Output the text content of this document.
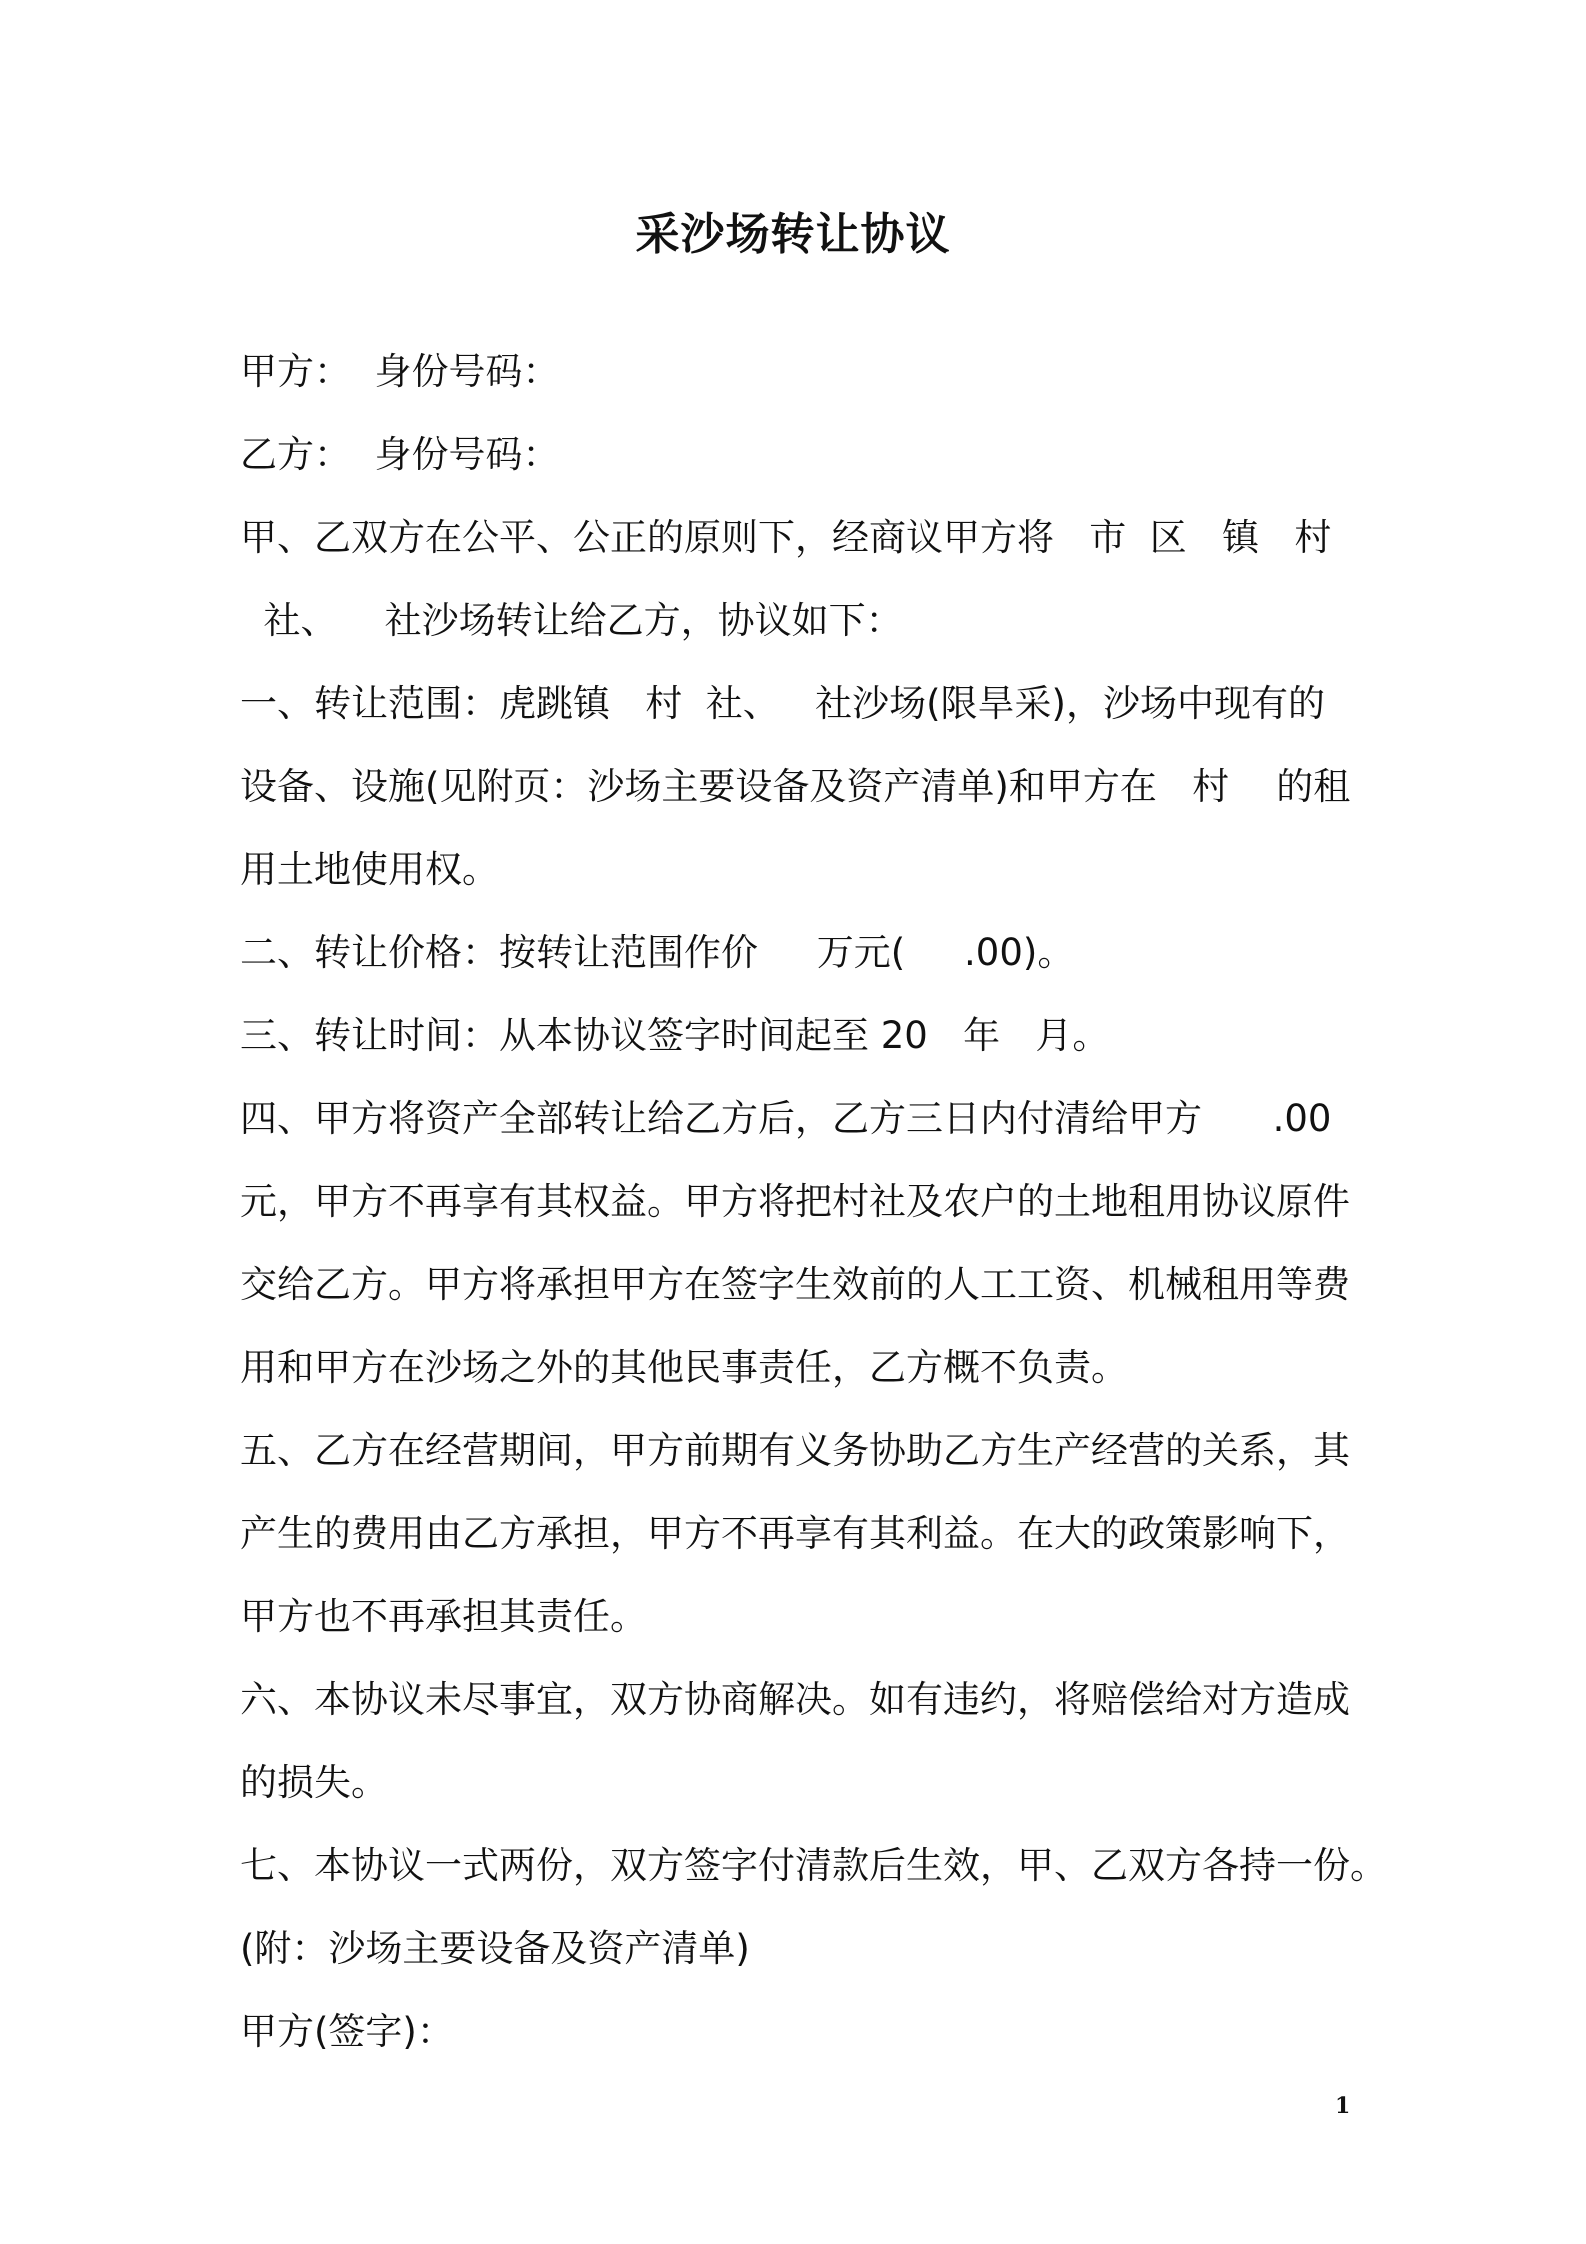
采沙场转让协议

甲方：  身份号码：

乙方：  身份号码：

甲、乙双方在公平、公正的原则下，经商议甲方将   市  区   镇   村

社、    社沙场转让给乙方，协议如下：

一、转让范围：虎跳镇   村  社、   社沙场(限旱采)，沙场中现有的

设备、设施(见附页：沙场主要设备及资产清单)和甲方在   村    的租

用土地使用权。

二、转让价格：按转让范围作价     万元(     .00)。

三、转让时间：从本协议签字时间起至 20   年   月。

四、甲方将资产全部转让给乙方后，乙方三日内付清给甲方      .00

元，甲方不再享有其权益。甲方将把村社及农户的土地租用协议原件

交给乙方。甲方将承担甲方在签字生效前的人工工资、机械租用等费

用和甲方在沙场之外的其他民事责任，乙方概不负责。

五、乙方在经营期间，甲方前期有义务协助乙方生产经营的关系，其

产生的费用由乙方承担，甲方不再享有其利益。在大的政策影响下，

甲方也不再承担其责任。

六、本协议未尽事宜，双方协商解决。如有违约，将赔偿给对方造成

的损失。

七、本协议一式两份，双方签字付清款后生效，甲、乙双方各持一份。

(附：沙场主要设备及资产清单)

甲方(签字)：

1
